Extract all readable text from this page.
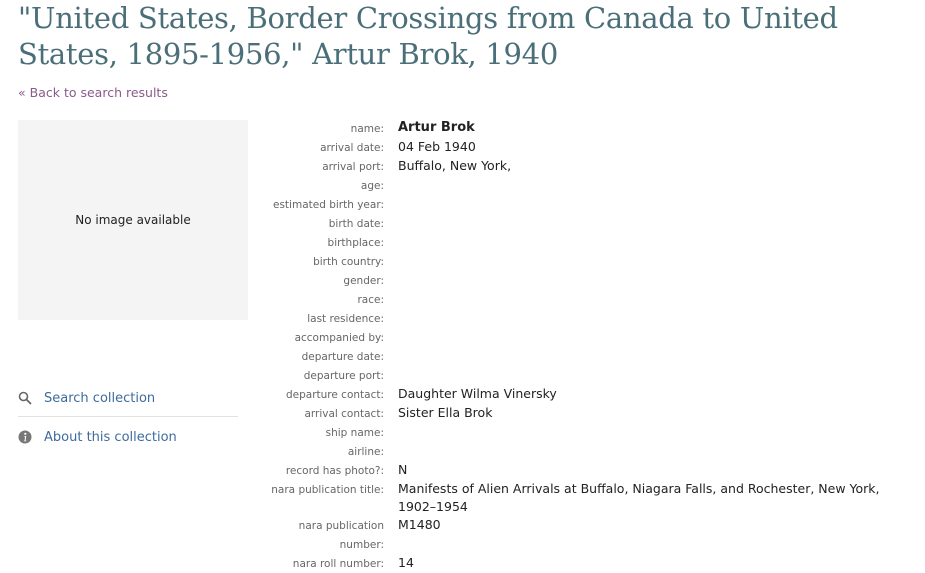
"United States, Border Crossings from Canada to United States, 1895-1956," Artur Brok, 1940
« Back to search results
No image available
Search collection
About this collection
name:	Artur Brok
arrival date:	04 Feb 1940
arrival port:	Buffalo, New York,
age:
estimated birth year:
birth date:
birthplace:
birth country:
gender:
race:
last residence:
accompanied by:
departure date:
departure port:
departure contact:	Daughter Wilma Vinersky
arrival contact:	Sister Ella Brok
ship name:
airline:
record has photo?:	N
nara publication title:	Manifests of Alien Arrivals at Buffalo, Niagara Falls, and Rochester, New York, 1902–1954
nara publication	M1480
number:
nara roll number:	14
